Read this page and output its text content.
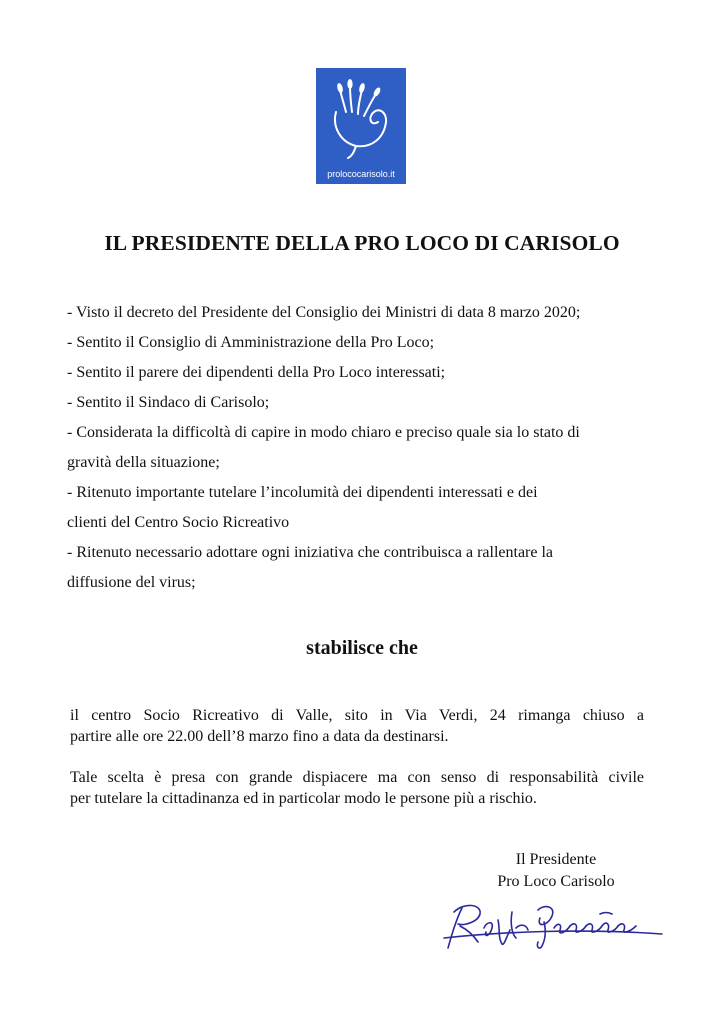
prolococarisolo.it
IL PRESIDENTE DELLA PRO LOCO DI CARISOLO
- Visto il decreto del Presidente del Consiglio dei Ministri di data 8 marzo 2020;
- Sentito il Consiglio di Amministrazione della Pro Loco;
- Sentito il parere dei dipendenti della Pro Loco interessati;
- Sentito il Sindaco di Carisolo;
- Considerata la difficoltà di capire in modo chiaro e preciso quale sia lo stato di
gravità della situazione;
- Ritenuto importante tutelare l’incolumità dei dipendenti interessati e dei
clienti del Centro Socio Ricreativo
- Ritenuto necessario adottare ogni iniziativa che contribuisca a rallentare la
diffusione del virus;
stabilisce che
il centro Socio Ricreativo di Valle, sito in Via Verdi, 24 rimanga chiuso a
partire alle ore 22.00 dell’8 marzo fino a data da destinarsi.
Tale scelta è presa con grande dispiacere ma con senso di responsabilità civile
per tutelare la cittadinanza ed in particolar modo le persone più a rischio.
Il Presidente
Pro Loco Carisolo
